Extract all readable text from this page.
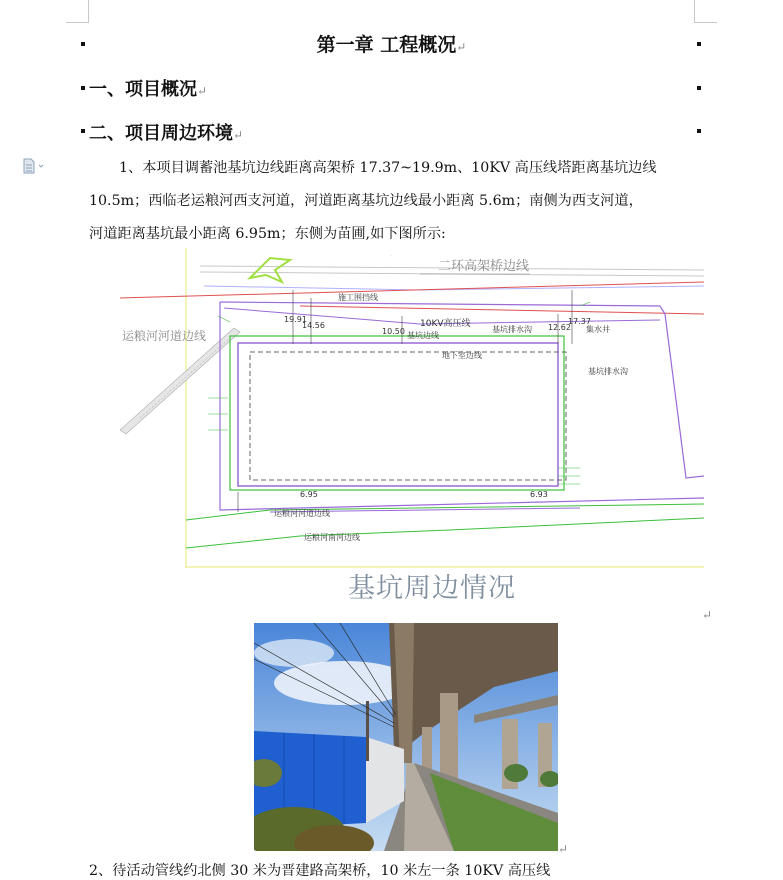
第一章 工程概况↵
一、项目概况↵
二、项目周边环境↵
1、本项目调蓄池基坑边线距离高架桥 17.37~19.9m、10KV 高压线塔距离基坑边线
10.5m；西临老运粮河西支河道，河道距离基坑边线最小距离 5.6m；南侧为西支河道，
河道距离基坑最小距离 6.95m；东侧为苗圃,如下图所示:
·
二环高架桥边线
运粮河河道边线
施工围挡线
10KV高压线
基坑边线
基坑排水沟	集水井
基坑排水沟
地下室边线
19.91
14.56
10.50	12.62
17.37
6.95	6.93
运粮河河道边线
运粮河南河边线
基坑周边情况
↵
↵
2、待活动管线约北侧 30 米为晋建路高架桥，10 米左一条 10KV 高压线
